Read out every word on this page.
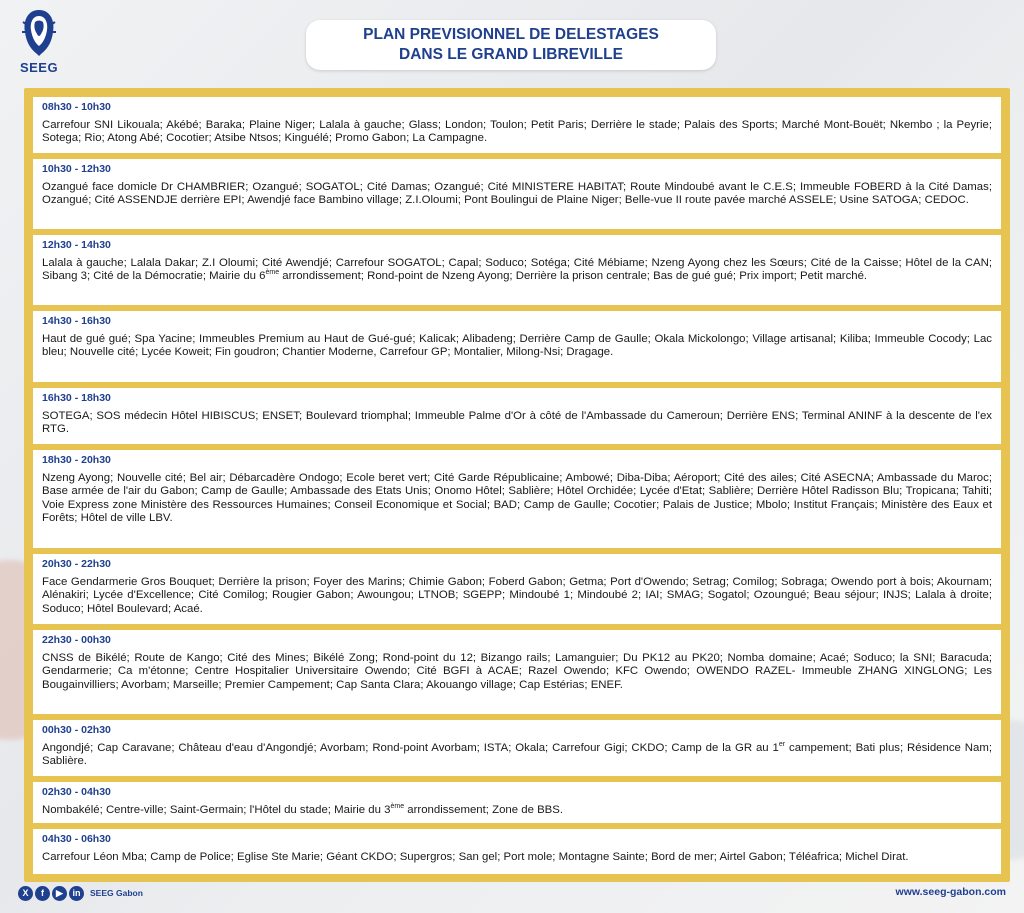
SEEG
PLAN PREVISIONNEL DE DELESTAGES
DANS LE GRAND LIBREVILLE
08h30 - 10h30
Carrefour SNI Likouala; Akébé; Baraka; Plaine Niger; Lalala à gauche; Glass; London; Toulon; Petit Paris; Derrière le stade; Palais des Sports; Marché Mont-Bouët; Nkembo ; la Peyrie; Sotega; Rio; Atong Abé; Cocotier; Atsibe Ntsos; Kinguélé; Promo Gabon; La Campagne.
10h30 - 12h30
Ozangué face domicle Dr CHAMBRIER; Ozangué; SOGATOL; Cité Damas; Ozangué; Cité MINISTERE HABITAT; Route Mindoubé avant le C.E.S; Immeuble FOBERD à la Cité Damas; Ozangué; Cité ASSENDJE derrière EPI; Awendjé face Bambino village; Z.I.Oloumi; Pont Boulingui de Plaine Niger; Belle-vue II route pavée marché ASSELE; Usine SATOGA; CEDOC.
12h30 - 14h30
Lalala à gauche; Lalala Dakar; Z.I Oloumi; Cité Awendjé; Carrefour SOGATOL; Capal; Soduco; Sotéga; Cité Mébiame; Nzeng Ayong chez les Sœurs; Cité de la Caisse; Hôtel de la CAN; Sibang 3; Cité de la Démocratie; Mairie du 6ème arrondissement; Rond-point de Nzeng Ayong; Derrière la prison centrale; Bas de gué gué; Prix import; Petit marché.
14h30 - 16h30
Haut de gué gué; Spa Yacine; Immeubles Premium au Haut de Gué-gué; Kalicak; Alibadeng; Derrière Camp de Gaulle; Okala Mickolongo; Village artisanal; Kiliba; Immeuble Cocody; Lac bleu; Nouvelle cité; Lycée Koweit; Fin goudron; Chantier Moderne, Carrefour GP; Montalier, Milong-Nsi; Dragage.
16h30 - 18h30
SOTEGA; SOS médecin Hôtel HIBISCUS; ENSET; Boulevard triomphal; Immeuble Palme d'Or à côté de l'Ambassade du Cameroun; Derrière ENS; Terminal ANINF à la descente de l'ex RTG.
18h30 - 20h30
Nzeng Ayong; Nouvelle cité; Bel air; Débarcadère Ondogo; Ecole beret vert; Cité Garde Républicaine; Ambowé; Diba-Diba; Aéroport; Cité des ailes; Cité ASECNA; Ambassade du Maroc; Base armée de l'air du Gabon; Camp de Gaulle; Ambassade des Etats Unis; Onomo Hôtel; Sablière; Hôtel Orchidée; Lycée d'Etat; Sablière; Derrière Hôtel Radisson Blu; Tropicana; Tahiti; Voie Express zone Ministère des Ressources Humaines; Conseil Economique et Social; BAD; Camp de Gaulle; Cocotier; Palais de Justice; Mbolo; Institut Français; Ministère des Eaux et Forêts; Hôtel de ville LBV.
20h30 - 22h30
Face Gendarmerie Gros Bouquet; Derrière la prison; Foyer des Marins; Chimie Gabon; Foberd Gabon; Getma; Port d'Owendo; Setrag; Comilog; Sobraga; Owendo port à bois; Akournam; Alénakiri; Lycée d'Excellence; Cité Comilog; Rougier Gabon; Awoungou; LTNOB; SGEPP; Mindoubé 1; Mindoubé 2; IAI; SMAG; Sogatol; Ozoungué; Beau séjour; INJS; Lalala à droite; Soduco; Hôtel Boulevard; Acaé.
22h30 - 00h30
CNSS de Bikélé; Route de Kango; Cité des Mines; Bikélé Zong; Rond-point du 12; Bizango rails; Lamanguier; Du PK12 au PK20; Nomba domaine; Acaé; Soduco; la SNI; Baracuda; Gendarmerie; Ca m'étonne; Centre Hospitalier Universitaire Owendo; Cité BGFI à ACAE; Razel Owendo; KFC Owendo; OWENDO RAZEL- Immeuble ZHANG XINGLONG; Les Bougainvilliers; Avorbam; Marseille; Premier Campement; Cap Santa Clara; Akouango village; Cap Estérias; ENEF.
00h30 - 02h30
Angondjé; Cap Caravane; Château d'eau d'Angondjé; Avorbam; Rond-point Avorbam; ISTA; Okala; Carrefour Gigi; CKDO; Camp de la GR au 1er campement; Bati plus; Résidence Nam; Sablière.
02h30 - 04h30
Nombakélé; Centre-ville; Saint-Germain; l'Hôtel du stade; Mairie du 3ème arrondissement; Zone de BBS.
04h30 - 06h30
Carrefour Léon Mba; Camp de Police; Eglise Ste Marie; Géant CKDO; Supergros; San gel; Port mole; Montagne Sainte; Bord de mer; Airtel Gabon; Téléafrica; Michel Dirat.
X	f	▶	in	SEEG Gabon	www.seeg-gabon.com
